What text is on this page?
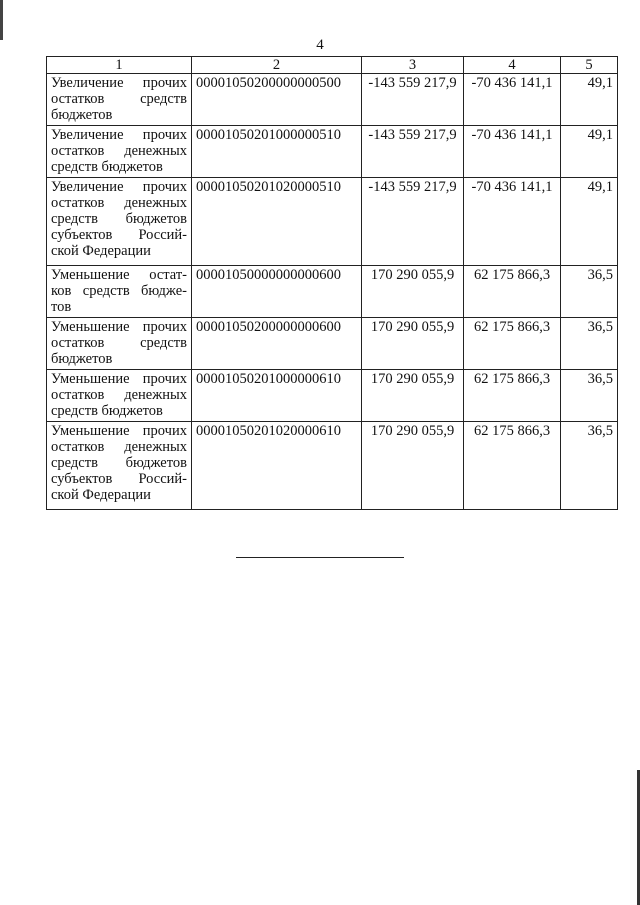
4
1	2	3	4	5
Увеличение прочих остатков средств бюджетов	00001050200000000500	-143 559 217,9	-70 436 141,1	49,1
Увеличение прочих остатков денежных средств бюджетов	00001050201000000510	-143 559 217,9	-70 436 141,1	49,1
Увеличение прочих остатков денежных средств бюджетов субъектов Россий-ской Федерации	00001050201020000510	-143 559 217,9	-70 436 141,1	49,1
Уменьшение остат-ков средств бюдже-тов	00001050000000000600	170 290 055,9	62 175 866,3	36,5
Уменьшение прочих остатков средств бюджетов	00001050200000000600	170 290 055,9	62 175 866,3	36,5
Уменьшение прочих остатков денежных средств бюджетов	00001050201000000610	170 290 055,9	62 175 866,3	36,5
Уменьшение прочих остатков денежных средств бюджетов субъектов Россий-ской Федерации	00001050201020000610	170 290 055,9	62 175 866,3	36,5
